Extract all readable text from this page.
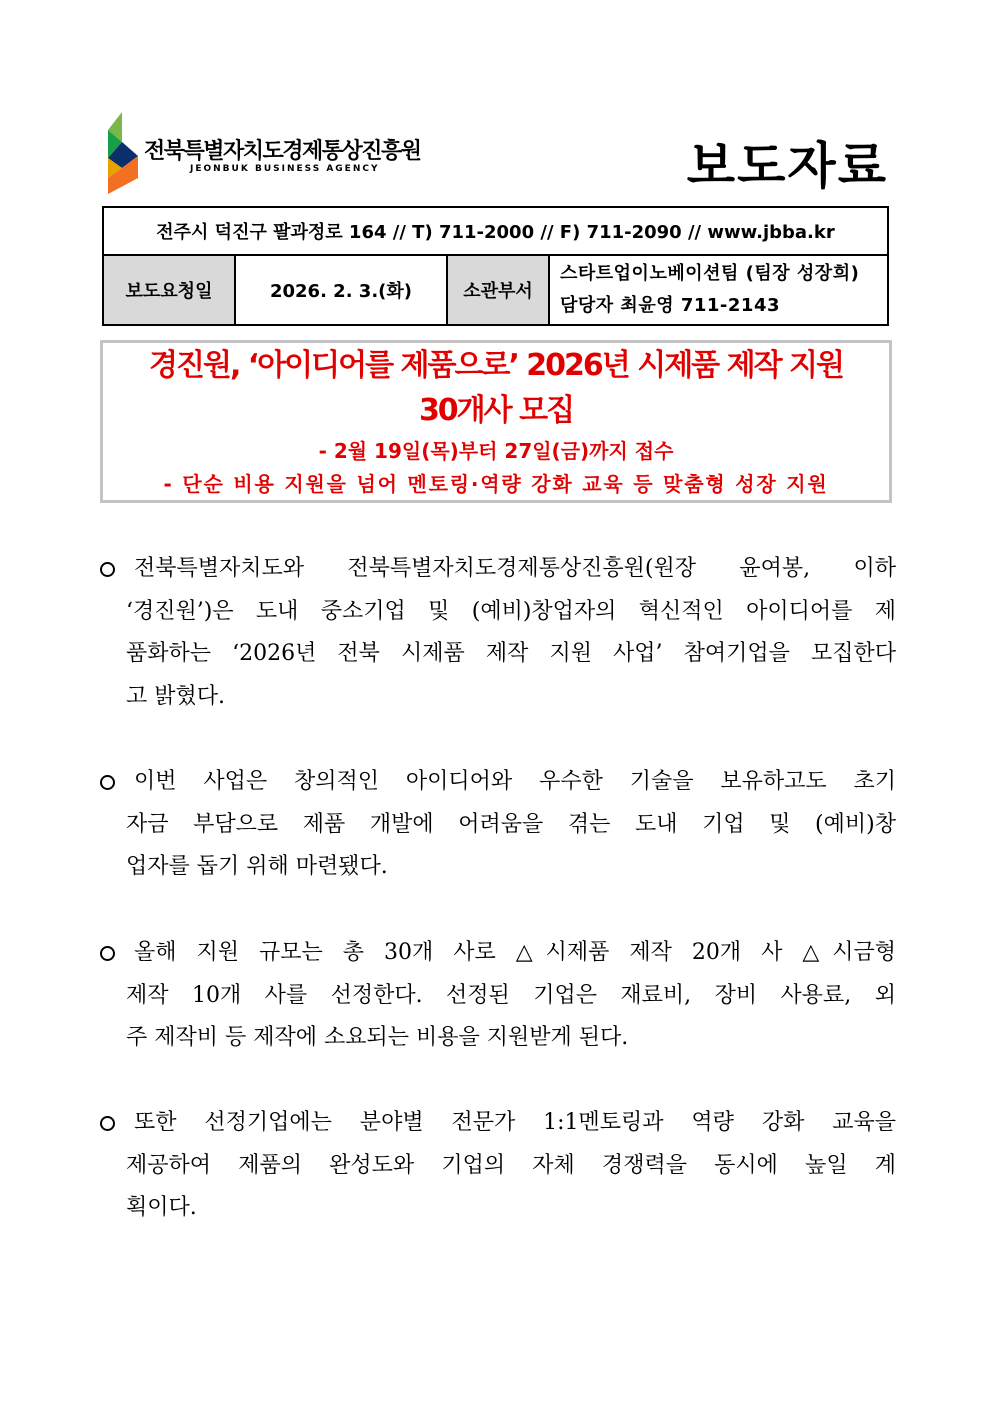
전북특별자치도경제통상진흥원
JEONBUK BUSINESS AGENCY	보도자료
전주시 덕진구 팔과정로 164 // T) 711-2000 // F) 711-2090 // www.jbba.kr
보도요청일	2026. 2. 3.(화)	소관부서	
스타트업이노베이션팀 (팀장 성장희)
담당자 최윤영 711-2143
경진원, ‘아이디어를 제품으로’ 2026년 시제품 제작 지원
30개사 모집
- 2월 19일(목)부터 27일(금)까지 접수
- 단순 비용 지원을 넘어 멘토링·역량 강화 교육 등 맞춤형 성장 지원
전북특별자치도와 전북특별자치도경제통상진흥원(원장 윤여봉, 이하
‘경진원’)은 도내 중소기업 및 (예비)창업자의 혁신적인 아이디어를 제
품화하는 ‘2026년 전북 시제품 제작 지원 사업’ 참여기업을 모집한다
고 밝혔다.
이번 사업은 창의적인 아이디어와 우수한 기술을 보유하고도 초기
자금 부담으로 제품 개발에 어려움을 겪는 도내 기업 및 (예비)창
업자를 돕기 위해 마련됐다.
올해 지원 규모는 총 30개 사로 △시제품 제작 20개 사 △시금형
제작 10개 사를 선정한다. 선정된 기업은 재료비, 장비 사용료, 외
주 제작비 등 제작에 소요되는 비용을 지원받게 된다.
또한 선정기업에는 분야별 전문가 1:1멘토링과 역량 강화 교육을
제공하여 제품의 완성도와 기업의 자체 경쟁력을 동시에 높일 계
획이다.
